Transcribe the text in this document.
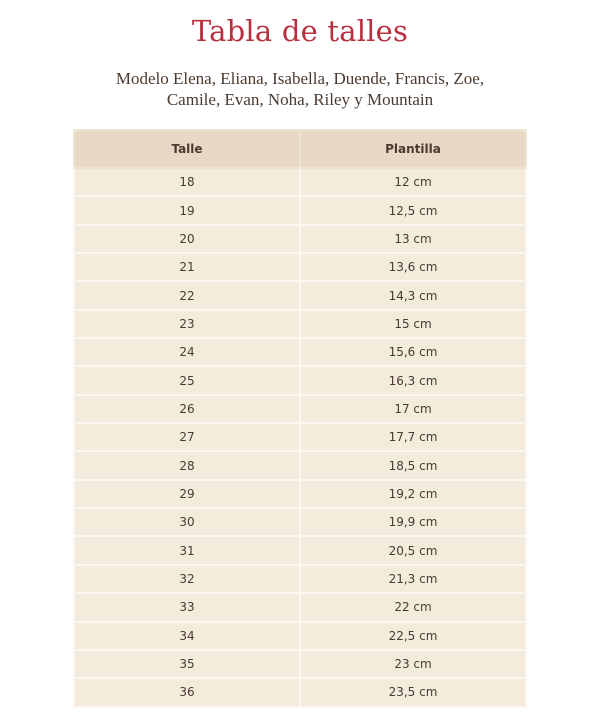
Tabla de talles
Modelo Elena, Eliana, Isabella, Duende, Francis, Zoe, Camile, Evan, Noha, Riley y Mountain
Talle	Plantilla
18	12 cm
19	12,5 cm
20	13 cm
21	13,6 cm
22	14,3 cm
23	15 cm
24	15,6 cm
25	16,3 cm
26	17 cm
27	17,7 cm
28	18,5 cm
29	19,2 cm
30	19,9 cm
31	20,5 cm
32	21,3 cm
33	22 cm
34	22,5 cm
35	23 cm
36	23,5 cm
